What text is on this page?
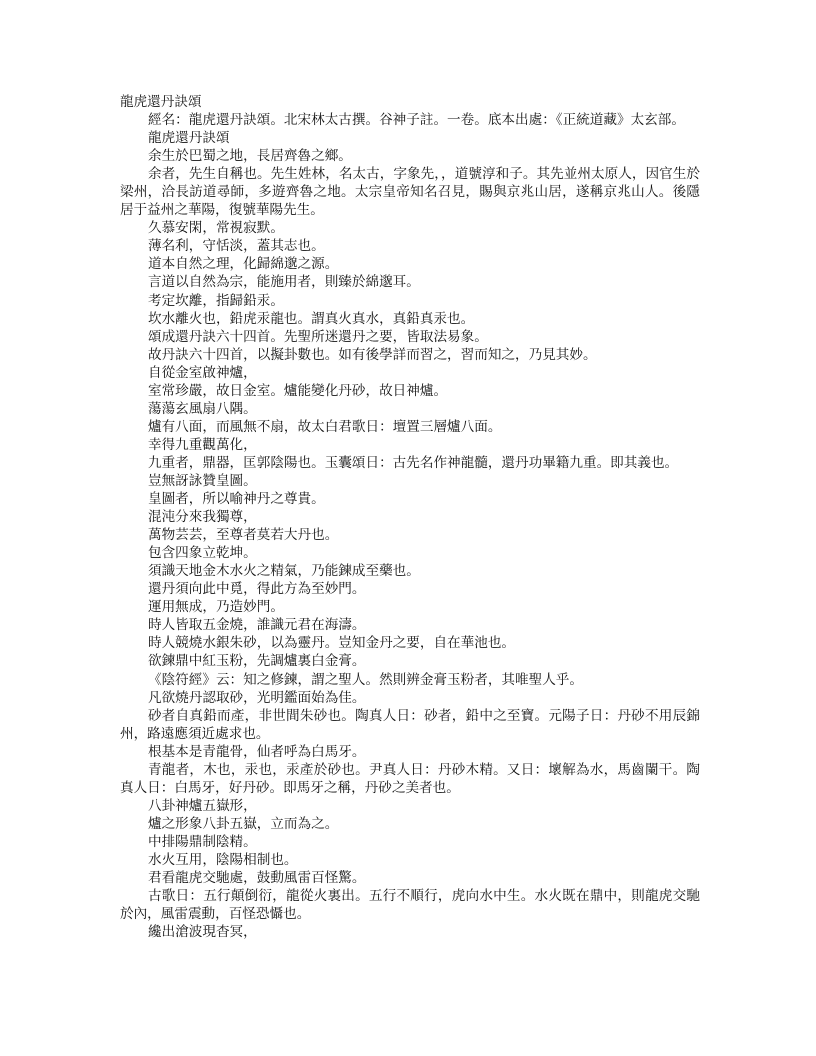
龍虎還丹訣頌

經名：龍虎還丹訣頌。北宋林太古撰。谷神子註。一卷。底本出處：《正統道藏》太玄部。

龍虎還丹訣頌

余生於巴蜀之地，長居齊魯之鄉。

余者，先生自稱也。先生姓林，名太古，字象先，，道號淳和子。其先並州太原人，因官生於梁州，洽長訪道尋師，多遊齊魯之地。太宗皇帝知名召見，賜與京兆山居，遂稱京兆山人。後隱居于益州之華陽，復號華陽先生。

久慕安閑，常視寂默。

薄名利，守恬淡，蓋其志也。

道本自然之理，化歸綿邈之源。

言道以自然為宗，能施用者，則臻於綿邈耳。

考定坎離，指歸鉛汞。

坎水離火也，鉛虎汞龍也。謂真火真水，真鉛真汞也。

頌成還丹訣六十四首。先聖所迷還丹之要，皆取法易象。

故丹訣六十四首，以擬卦數也。如有後學詳而習之，習而知之，乃見其妙。

自從金室啟神爐，

室常珍嚴，故日金室。爐能變化丹砂，故日神爐。

蕩蕩玄風扇八隅。

爐有八面，而風無不扇，故太白君歌日：壇置三層爐八面。

幸得九重觀萬化，

九重者，鼎器，匡郭陰陽也。玉囊頌日：古先名作神龍髓，還丹功畢籍九重。即其義也。

豈無訝詠贊皇圖。

皇圖者，所以喻神丹之尊貴。

混沌分來我獨尊，

萬物芸芸，至尊者莫若大丹也。

包含四象立乾坤。

須識天地金木水火之精氣，乃能鍊成至藥也。

還丹須向此中覓，得此方為至妙門。

運用無成，乃造妙門。

時人皆取五金燒，誰識元君在海濤。

時人競燒水銀朱砂，以為靈丹。豈知金丹之要，自在華池也。

欲鍊鼎中紅玉粉，先調爐裏白金膏。

《陰符經》云：知之修鍊，謂之聖人。然則辨金膏玉粉者，其唯聖人乎。

凡欲燒丹認取砂，光明鑑面始為佳。

砂者自真鉛而產，非世間朱砂也。陶真人日：砂者，鉛中之至寶。元陽子日：丹砂不用辰錦州，路遠應須近處求也。

根基本是青龍骨，仙者呼為白馬牙。

青龍者，木也，汞也，汞產於砂也。尹真人日：丹砂木精。又日：壞解為水，馬齒闌干。陶真人日：白馬牙，好丹砂。即馬牙之稱，丹砂之美者也。

八卦神爐五嶽形，

爐之形象八卦五嶽，立而為之。

中排陽鼎制陰精。

水火互用，陰陽相制也。

君看龍虎交馳處，鼓動風雷百怪驚。

古歌日：五行顛倒衍，龍從火裏出。五行不順行，虎向水中生。水火既在鼎中，則龍虎交馳於內，風雷震動，百怪恐懾也。

纔出滄波現杳冥，
